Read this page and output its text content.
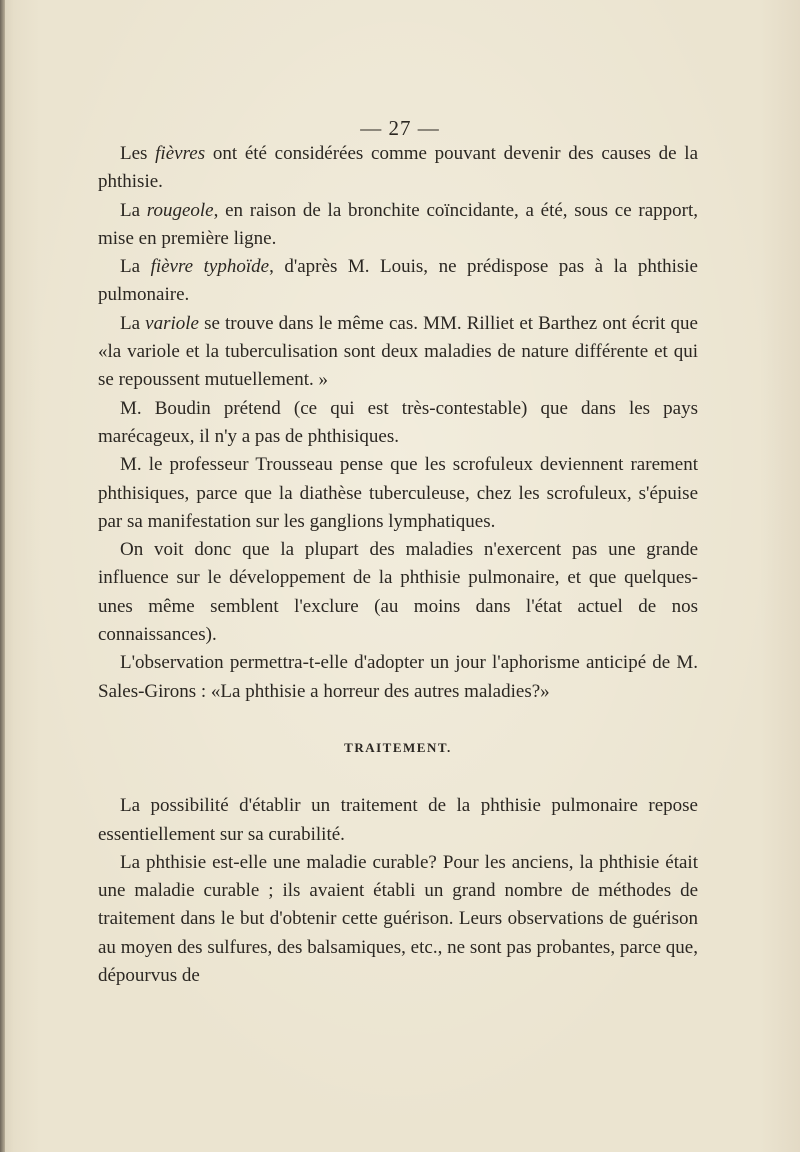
— 27 —

Les fièvres ont été considérées comme pouvant devenir des causes de la phthisie.

La rougeole, en raison de la bronchite coïncidante, a été, sous ce rapport, mise en première ligne.

La fièvre typhoïde, d'après M. Louis, ne prédispose pas à la phthisie pulmonaire.

La variole se trouve dans le même cas. MM. Rilliet et Barthez ont écrit que «la variole et la tuberculisation sont deux maladies de nature différente et qui se repoussent mutuellement. »

M. Boudin prétend (ce qui est très-contestable) que dans les pays marécageux, il n'y a pas de phthisiques.

M. le professeur Trousseau pense que les scrofuleux deviennent rarement phthisiques, parce que la diathèse tuberculeuse, chez les scrofuleux, s'épuise par sa manifestation sur les ganglions lymphatiques.

On voit donc que la plupart des maladies n'exercent pas une grande influence sur le développement de la phthisie pulmonaire, et que quelques-unes même semblent l'exclure (au moins dans l'état actuel de nos connaissances).

L'observation permettra-t-elle d'adopter un jour l'aphorisme anticipé de M. Sales-Girons : «La phthisie a horreur des autres maladies?»

TRAITEMENT.

La possibilité d'établir un traitement de la phthisie pulmonaire repose essentiellement sur sa curabilité.

La phthisie est-elle une maladie curable? Pour les anciens, la phthisie était une maladie curable ; ils avaient établi un grand nombre de méthodes de traitement dans le but d'obtenir cette guérison. Leurs observations de guérison au moyen des sulfures, des balsamiques, etc., ne sont pas probantes, parce que, dépourvus de
